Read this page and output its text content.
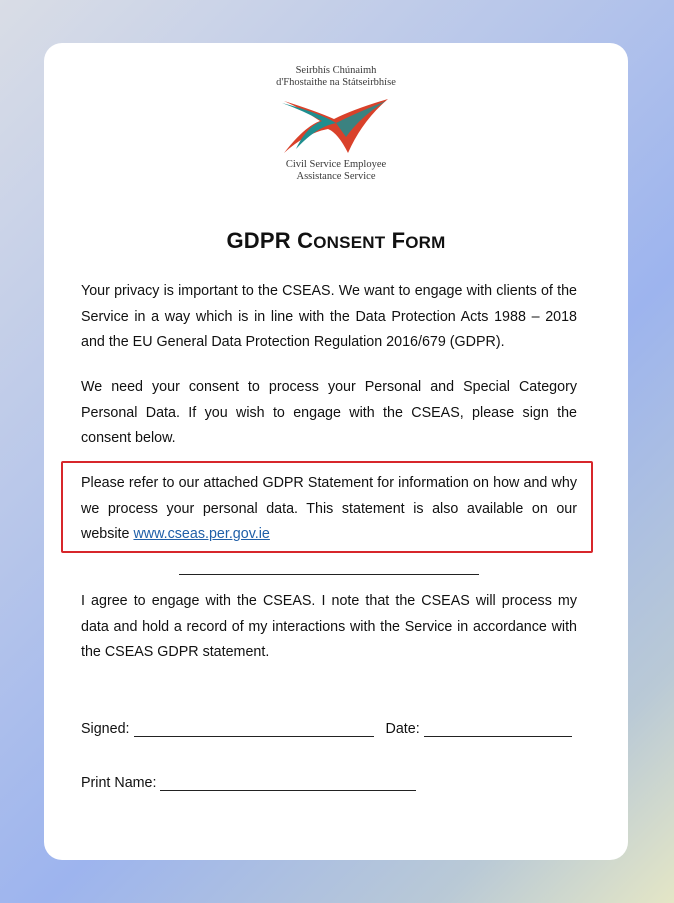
Seirbhís Chúnaimh
d'Fhostaithe na Státseirbhíse
Civil Service Employee
Assistance Service
GDPR CONSENT FORM
Your privacy is important to the CSEAS. We want to engage with clients of the Service in a way which is in line with the Data Protection Acts 1988 – 2018 and the EU General Data Protection Regulation 2016/679 (GDPR).
We need your consent to process your Personal and Special Category Personal Data. If you wish to engage with the CSEAS, please sign the consent below.
Please refer to our attached GDPR Statement for information on how and why we process your personal data. This statement is also available on our website www.cseas.per.gov.ie
I agree to engage with the CSEAS. I note that the CSEAS will process my data and hold a record of my interactions with the Service in accordance with the CSEAS GDPR statement.
Signed:	Date:
Print Name:
